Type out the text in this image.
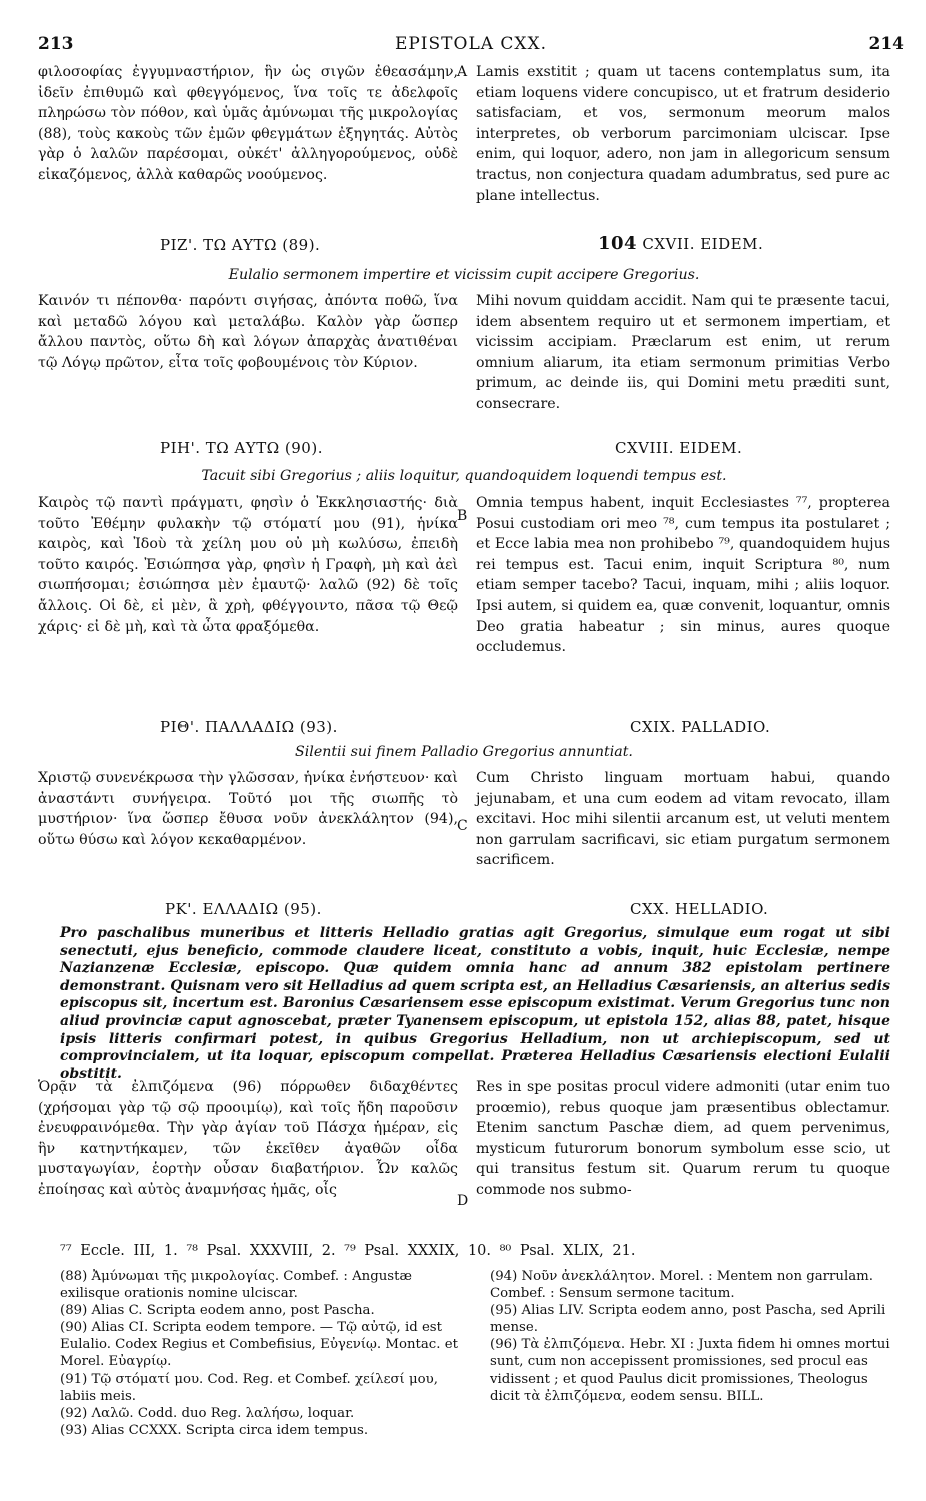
213	EPISTOLA CXX.	214

φιλοσοφίας ἐγγυμναστήριον, ἣν ὡς σιγῶν ἐθεασάμην, ἰδεῖν ἐπιθυμῶ καὶ φθεγγόμενος, ἵνα τοῖς τε ἀδελφοῖς πληρώσω τὸν πόθον, καὶ ὑμᾶς ἀμύνωμαι τῆς μικρολογίας (88), τοὺς κακοὺς τῶν ἐμῶν φθεγμάτων ἐξηγητάς. Αὐτὸς γὰρ ὁ λαλῶν παρέσομαι, οὐκέτ' ἀλληγορούμενος, οὐδὲ εἰκαζόμενος, ἀλλὰ καθαρῶς νοούμενος.

Lamis exstitit ; quam ut tacens contemplatus sum, ita etiam loquens videre concupisco, ut et fratrum desiderio satisfaciam, et vos, sermonum meorum malos interpretes, ob verborum parcimoniam ulciscar. Ipse enim, qui loquor, adero, non jam in allegoricum sensum tractus, non conjectura quadam adumbratus, sed pure ac plane intellectus.

A
ΡΙΖ'. ΤΩ ΑΥΤΩ (89).	104 CXVII. EIDEM.
Eulalio sermonem impertire et vicissim cupit accipere Gregorius.

Καινόν τι πέπονθα· παρόντι σιγήσας, ἀπόντα ποθῶ, ἵνα καὶ μεταδῶ λόγου καὶ μεταλάβω. Καλὸν γὰρ ὥσπερ ἄλλου παντὸς, οὕτω δὴ καὶ λόγων ἀπαρχὰς ἀνατιθέναι τῷ Λόγῳ πρῶτον, εἶτα τοῖς φοβουμένοις τὸν Κύριον.

Mihi novum quiddam accidit. Nam qui te præsente tacui, idem absentem requiro ut et sermonem impertiam, et vicissim accipiam. Præclarum est enim, ut rerum omnium aliarum, ita etiam sermonum primitias Verbo primum, ac deinde iis, qui Domini metu præditi sunt, consecrare.

ΡΙΗ'. ΤΩ ΑΥΤΩ (90).	CXVIII. EIDEM.
Tacuit sibi Gregorius ; aliis loquitur, quandoquidem loquendi tempus est.

Καιρὸς τῷ παντὶ πράγματι, φησὶν ὁ Ἐκκλησιαστής· διὰ τοῦτο Ἐθέμην φυλακὴν τῷ στόματί μου (91), ἡνίκα καιρὸς, καὶ Ἰδοὺ τὰ χείλη μου οὐ μὴ κωλύσω, ἐπειδὴ τοῦτο καιρός. Ἐσιώπησα γὰρ, φησὶν ἡ Γραφὴ, μὴ καὶ ἀεὶ σιωπήσομαι; ἐσιώπησα μὲν ἐμαυτῷ· λαλῶ (92) δὲ τοῖς ἄλλοις. Οἱ δὲ, εἰ μὲν, ἃ χρὴ, φθέγγοιντο, πᾶσα τῷ Θεῷ χάρις· εἰ δὲ μὴ, καὶ τὰ ὦτα φραξόμεθα.

Omnia tempus habent, inquit Ecclesiastes ⁷⁷, propterea Posui custodiam ori meo ⁷⁸, cum tempus ita postularet ; et Ecce labia mea non prohibebo ⁷⁹, quandoquidem hujus rei tempus est. Tacui enim, inquit Scriptura ⁸⁰, num etiam semper tacebo? Tacui, inquam, mihi ; aliis loquor. Ipsi autem, si quidem ea, quæ convenit, loquantur, omnis Deo gratia habeatur ; sin minus, aures quoque occludemus.

B
ΡΙΘ'. ΠΑΛΛΑΔΙΩ (93).	CXIX. PALLADIO.
Silentii sui finem Palladio Gregorius annuntiat.

Χριστῷ συνενέκρωσα τὴν γλῶσσαν, ἡνίκα ἐνήστευον· καὶ ἀναστάντι συνήγειρα. Τοῦτό μοι τῆς σιωπῆς τὸ μυστήριον· ἵνα ὥσπερ ἔθυσα νοῦν ἀνεκλάλητον (94), οὕτω θύσω καὶ λόγον κεκαθαρμένον.

Cum Christo linguam mortuam habui, quando jejunabam, et una cum eodem ad vitam revocato, illam excitavi. Hoc mihi silentii arcanum est, ut veluti mentem non garrulam sacrificavi, sic etiam purgatum sermonem sacrificem.

C
ΡΚ'. ΕΛΛΑΔΙΩ (95).	CXX. HELLADIO.
Pro paschalibus muneribus et litteris Helladio gratias agit Gregorius, simulque eum rogat ut sibi senectuti, ejus beneficio, commode claudere liceat, constituto a vobis, inquit, huic Ecclesiæ, nempe Nazianzenæ Ecclesiæ, episcopo. Quæ quidem omnia hanc ad annum 382 epistolam pertinere demonstrant. Quisnam vero sit Helladius ad quem scripta est, an Helladius Cæsariensis, an alterius sedis episcopus sit, incertum est. Baronius Cæsariensem esse episcopum existimat. Verum Gregorius tunc non aliud provinciæ caput agnoscebat, præter Tyanensem episcopum, ut epistola 152, alias 88, patet, hisque ipsis litteris confirmari potest, in quibus Gregorius Helladium, non ut archiepiscopum, sed ut comprovincialem, ut ita loquar, episcopum compellat. Præterea Helladius Cæsariensis electioni Eulalii obstitit.

Ὁρᾷν τὰ ἐλπιζόμενα (96) πόρρωθεν διδαχθέντες (χρήσομαι γὰρ τῷ σῷ προοιμίῳ), καὶ τοῖς ἤδη παροῦσιν ἐνευφραινόμεθα. Τὴν γὰρ ἁγίαν τοῦ Πάσχα ἡμέραν, εἰς ἣν κατηντήκαμεν, τῶν ἐκεῖθεν ἀγαθῶν οἶδα μυσταγωγίαν, ἑορτὴν οὖσαν διαβατήριον. Ὧν καλῶς ἐποίησας καὶ αὐτὸς ἀναμνήσας ἡμᾶς, οἷς

Res in spe positas procul videre admoniti (utar enim tuo proœmio), rebus quoque jam præsentibus oblectamur. Etenim sanctum Paschæ diem, ad quem pervenimus, mysticum futurorum bonorum symbolum esse scio, ut qui transitus festum sit. Quarum rerum tu quoque commode nos submo-

D
⁷⁷ Eccle. III, 1. ⁷⁸ Psal. XXXVIII, 2. ⁷⁹ Psal. XXXIX, 10. ⁸⁰ Psal. XLIX, 21.

(88) Ἀμύνωμαι τῆς μικρολογίας. Combef. : Angustæ exilisque orationis nomine ulciscar.

(89) Alias C. Scripta eodem anno, post Pascha.

(90) Alias CI. Scripta eodem tempore. — Τῷ αὐτῷ, id est Eulalio. Codex Regius et Combefisius, Εὐγενίῳ. Montac. et Morel. Εὐαγρίῳ.

(91) Τῷ στόματί μου. Cod. Reg. et Combef. χείλεσί μου, labiis meis.

(92) Λαλῶ. Codd. duo Reg. λαλήσω, loquar.

(93) Alias CCXXX. Scripta circa idem tempus.

(94) Νοῦν ἀνεκλάλητον. Morel. : Mentem non garrulam. Combef. : Sensum sermone tacitum.

(95) Alias LIV. Scripta eodem anno, post Pascha, sed Aprili mense.

(96) Τὰ ἐλπιζόμενα. Hebr. XI : Juxta fidem hi omnes mortui sunt, cum non accepissent promissiones, sed procul eas vidissent ; et quod Paulus dicit promissiones, Theologus dicit τὰ ἐλπιζόμενα, eodem sensu. BILL.
